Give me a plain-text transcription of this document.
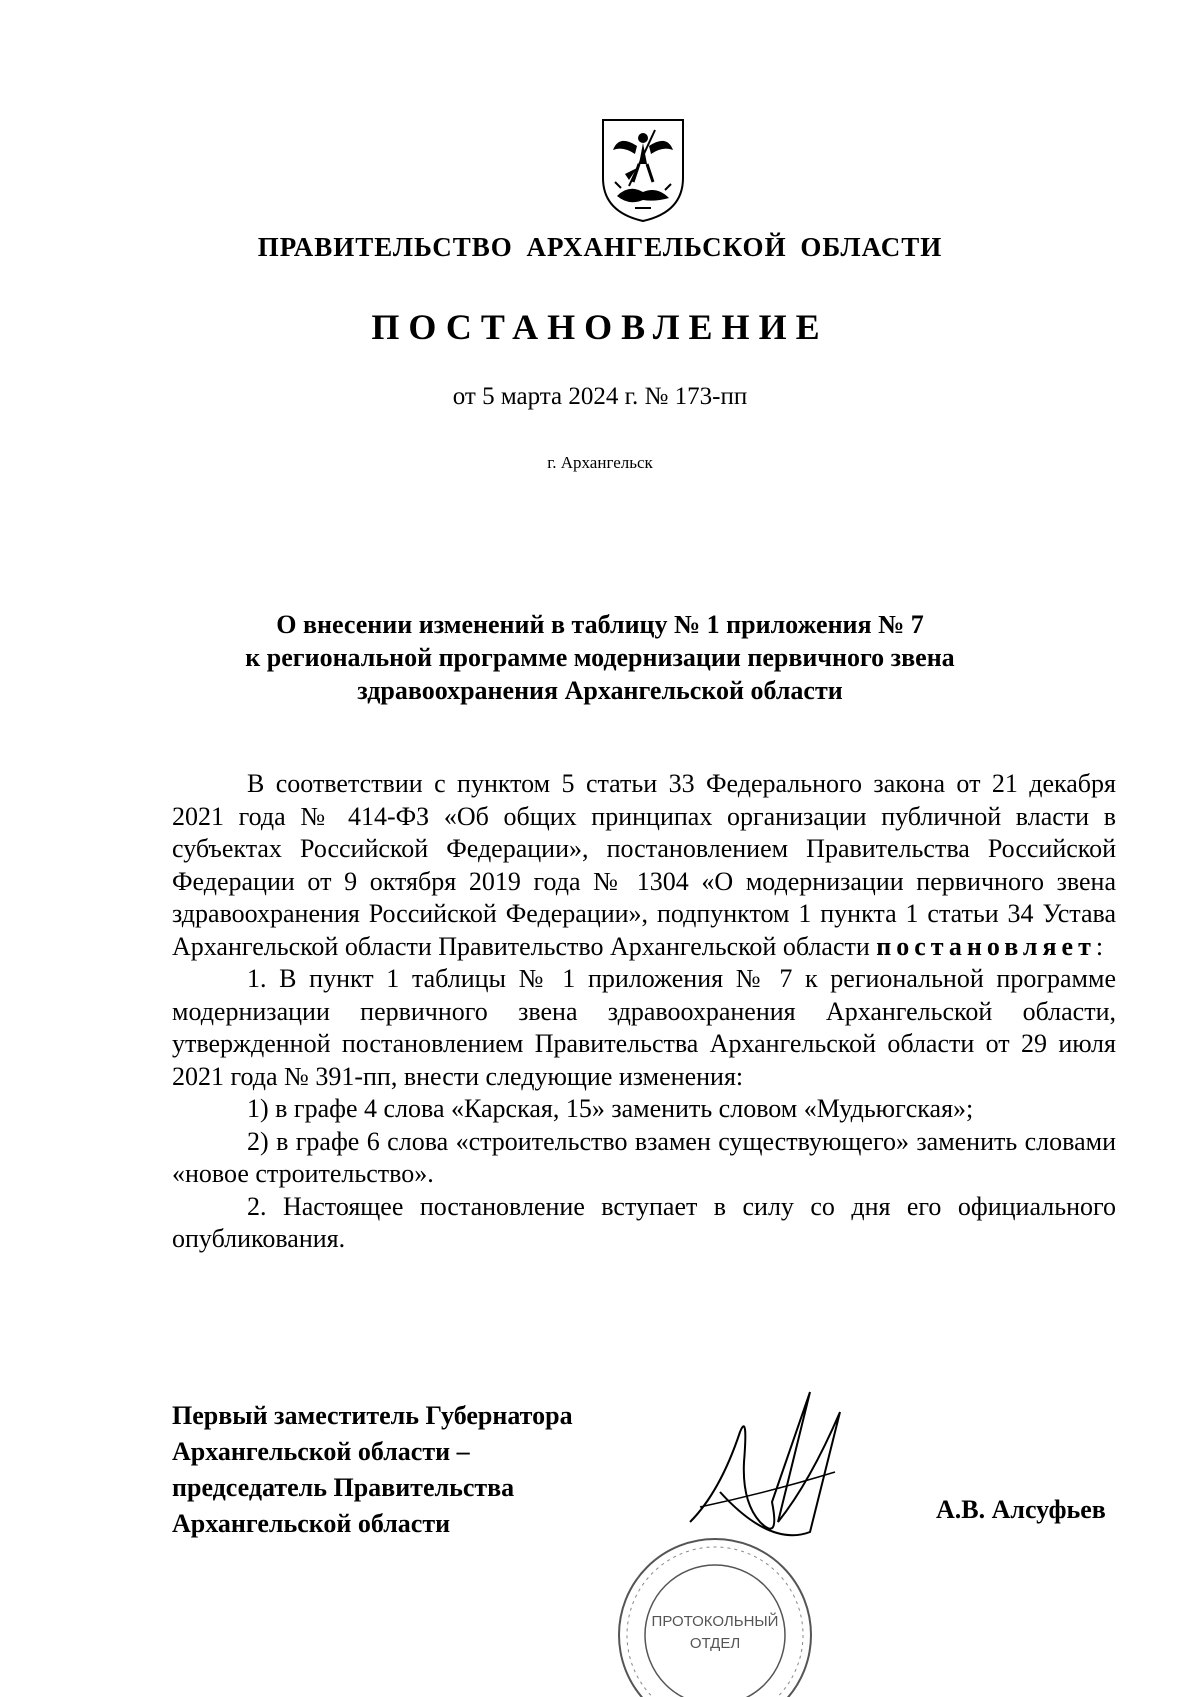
ПРАВИТЕЛЬСТВО АРХАНГЕЛЬСКОЙ ОБЛАСТИ
ПОСТАНОВЛЕНИЕ
от 5 марта 2024 г. № 173-пп
г. Архангельск
О внесении изменений в таблицу № 1 приложения № 7
к региональной программе модернизации первичного звена
здравоохранения Архангельской области

В соответствии с пунктом 5 статьи 33 Федерального закона от 21 декабря 2021 года № 414-ФЗ «Об общих принципах организации публичной власти в субъектах Российской Федерации», постановлением Правительства Российской Федерации от 9 октября 2019 года № 1304 «О модернизации первичного звена здравоохранения Российской Федерации», подпунктом 1 пункта 1 статьи 34 Устава Архангельской области Правительство Архангельской области постановляет:

1. В пункт 1 таблицы № 1 приложения № 7 к региональной программе модернизации первичного звена здравоохранения Архангельской области, утвержденной постановлением Правительства Архангельской области от 29 июля 2021 года № 391-пп, внести следующие изменения:

1) в графе 4 слова «Карская, 15» заменить словом «Мудьюгская»;

2) в графе 6 слова «строительство взамен существующего» заменить словами «новое строительство».

2. Настоящее постановление вступает в силу со дня его официального опубликования.

Первый заместитель Губернатора
Архангельской области –
председатель Правительства
Архангельской области	А.В. Алсуфьев
ПРОТОКОЛЬНЫЙ
ОТДЕЛ
